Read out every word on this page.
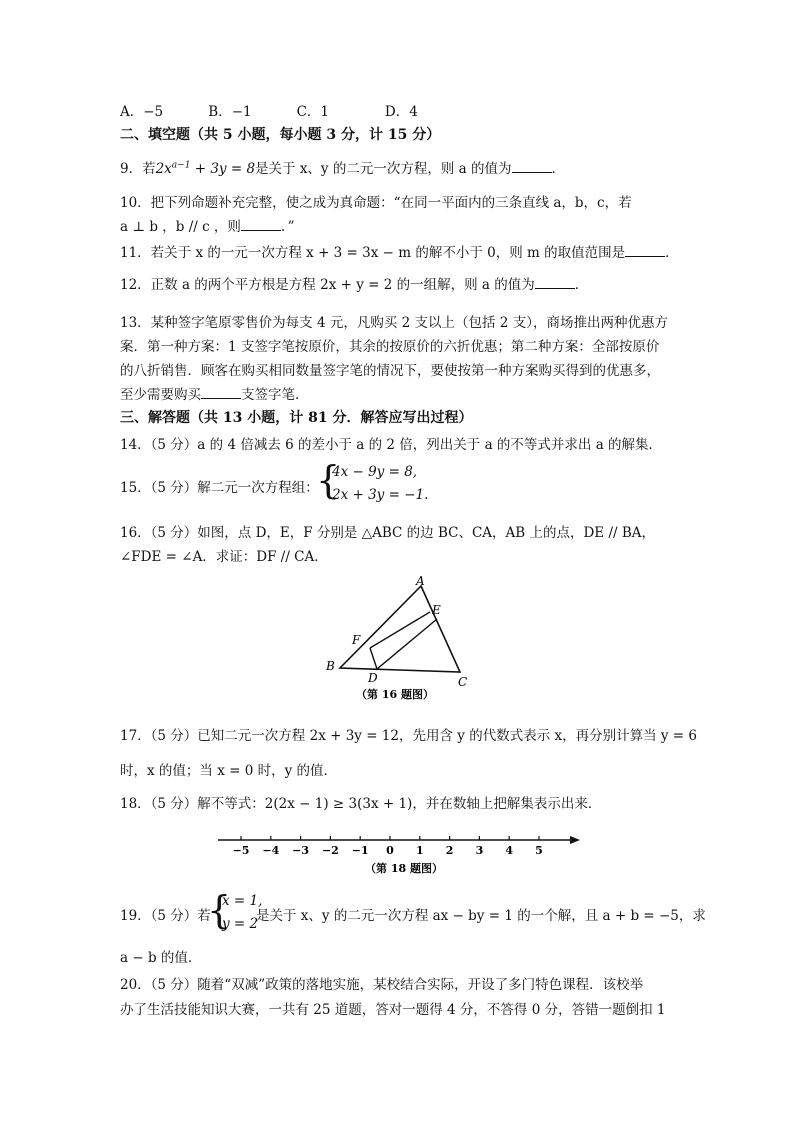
A．−5	B．−1	C．1	D．4
二、填空题（共 5 小题，每小题 3 分，计 15 分）
9．若$2x^{a-1} + 3y = 8$是关于 x、y 的二元一次方程，则 a 的值为	．
10．把下列命题补充完整，使之成为真命题：“在同一平面内的三条直线 a，b，c，若
a ⊥ b ，b // c ，则	．”
11．若关于 x 的一元一次方程 x + 3 = 3x − m 的解不小于 0，则 m 的取值范围是	．
12．正数 a 的两个平方根是方程 2x + y = 2 的一组解，则 a 的值为	．
13．某种签字笔原零售价为每支 4 元，凡购买 2 支以上（包括 2 支），商场推出两种优惠方
案．第一种方案：1 支签字笔按原价，其余的按原价的六折优惠；第二种方案：全部按原价
的八折销售．顾客在购买相同数量签字笔的情况下，要使按第一种方案购买得到的优惠多，
至少需要购买	支签字笔．
三、解答题（共 13 小题，计 81 分．解答应写出过程）
14．（5 分）a 的 4 倍减去 6 的差小于 a 的 2 倍，列出关于 a 的不等式并求出 a 的解集．
15．（5 分）解二元一次方程组：
{
4x − 9y = 8,
2x + 3y = −1.
16．（5 分）如图，点 D，E，F 分别是 △ABC 的边 BC、CA，AB 上的点，DE // BA，
∠FDE = ∠A．求证：DF // CA．
A
B
C
D
E
F
（第 16 题图）
17．（5 分）已知二元一次方程 2x + 3y = 12，先用含 y 的代数式表示 x，再分别计算当 y = 6
时，x 的值；当 x = 0 时，y 的值．
18．（5 分）解不等式：2(2x − 1) ≥ 3(3x + 1)，并在数轴上把解集表示出来．
−5 −4 −3 −2 −1 0 1 2 3 4 5
（第 18 题图）
19．（5 分）若
{
x = 1,
y = 2
是关于 x、y 的二元一次方程 ax − by = 1 的一个解，且 a + b = −5，求
a − b 的值．
20．（5 分）随着“双减”政策的落地实施，某校结合实际，开设了多门特色课程．该校举
办了生活技能知识大赛，一共有 25 道题，答对一题得 4 分，不答得 0 分，答错一题倒扣 1
